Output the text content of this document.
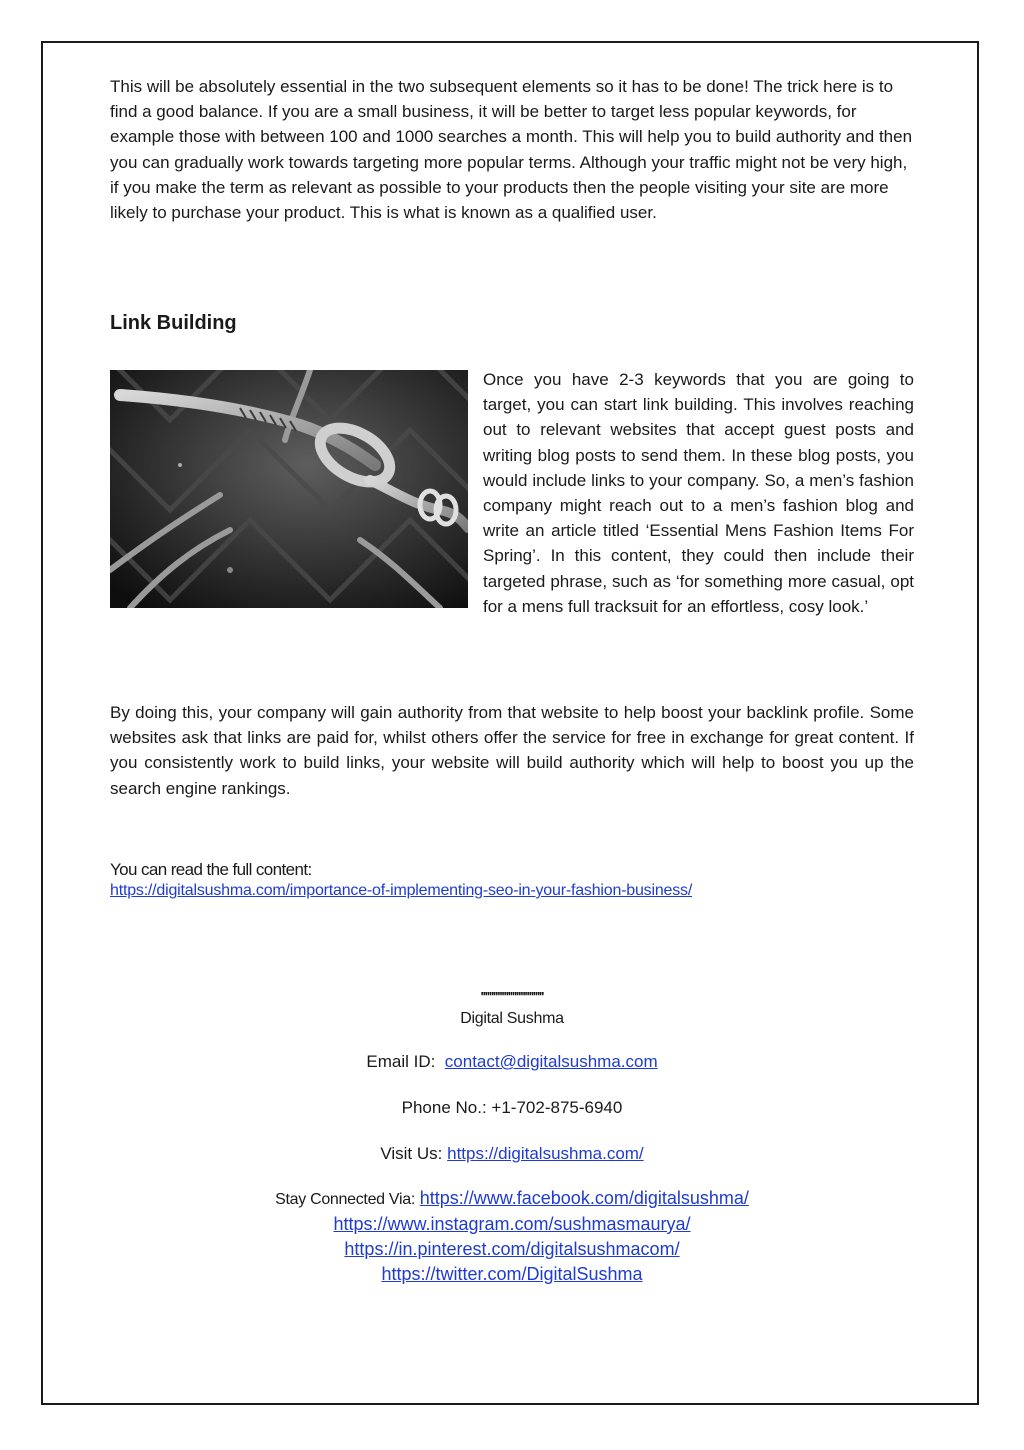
This will be absolutely essential in the two subsequent elements so it has to be done! The trick here is to find a good balance. If you are a small business, it will be better to target less popular keywords, for example those with between 100 and 1000 searches a month. This will help you to build authority and then you can gradually work towards targeting more popular terms. Although your traffic might not be very high, if you make the term as relevant as possible to your products then the people visiting your site are more likely to purchase your product. This is what is known as a qualified user.

Link Building

Once you have 2-3 keywords that you are going to target, you can start link building. This involves reaching out to relevant websites that accept guest posts and writing blog posts to send them. In these blog posts, you would include links to your company. So, a men’s fashion company might reach out to a men’s fashion blog and write an article titled ‘Essential Mens Fashion Items For Spring’. In this content, they could then include their targeted phrase, such as ‘for something more casual, opt for a mens full tracksuit for an effortless, cosy look.’

By doing this, your company will gain authority from that website to help boost your backlink profile. Some websites ask that links are paid for, whilst others offer the service for free in exchange for great content. If you consistently work to build links, your website will build authority which will help to boost you up the search engine rankings.

You can read the full content:
https://digitalsushma.com/importance-of-implementing-seo-in-your-fashion-business/
''''''''''''''''''''''''''''''
Digital Sushma
Email ID: contact@digitalsushma.com
Phone No.: +1-702-875-6940
Visit Us: https://digitalsushma.com/
Stay Connected Via: https://www.facebook.com/digitalsushma/
https://www.instagram.com/sushmasmaurya/
https://in.pinterest.com/digitalsushmacom/
https://twitter.com/DigitalSushma
